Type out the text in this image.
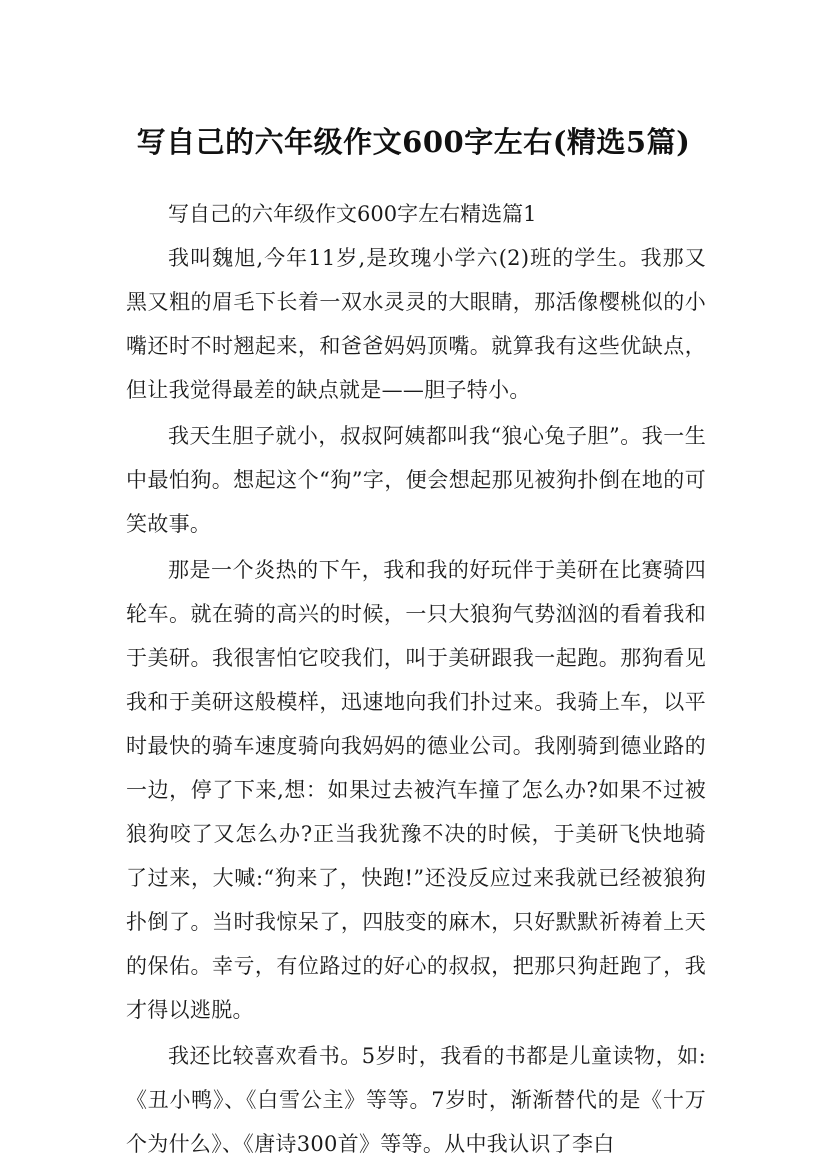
写自己的六年级作文600字左右(精选5篇)

写自己的六年级作文600字左右精选篇1

我叫魏旭,今年11岁,是玫瑰小学六(2)班的学生。我那又黑又粗的眉毛下长着一双水灵灵的大眼睛，那活像樱桃似的小嘴还时不时翘起来，和爸爸妈妈顶嘴。就算我有这些优缺点，但让我觉得最差的缺点就是——胆子特小。

我天生胆子就小，叔叔阿姨都叫我“狼心兔子胆”。我一生中最怕狗。想起这个“狗”字，便会想起那见被狗扑倒在地的可笑故事。

那是一个炎热的下午，我和我的好玩伴于美研在比赛骑四轮车。就在骑的高兴的时候，一只大狼狗气势汹汹的看着我和于美研。我很害怕它咬我们，叫于美研跟我一起跑。那狗看见我和于美研这般模样，迅速地向我们扑过来。我骑上车，以平时最快的骑车速度骑向我妈妈的德业公司。我刚骑到德业路的一边，停了下来,想：如果过去被汽车撞了怎么办?如果不过被狼狗咬了又怎么办?正当我犹豫不决的时候，于美研飞快地骑了过来，大喊:“狗来了，快跑!”还没反应过来我就已经被狼狗扑倒了。当时我惊呆了，四肢变的麻木，只好默默祈祷着上天的保佑。幸亏，有位路过的好心的叔叔，把那只狗赶跑了，我才得以逃脱。

我还比较喜欢看书。5岁时，我看的书都是儿童读物，如:《丑小鸭》、《白雪公主》等等。7岁时，渐渐替代的是《十万个为什么》、《唐诗300首》等等。从中我认识了李白
